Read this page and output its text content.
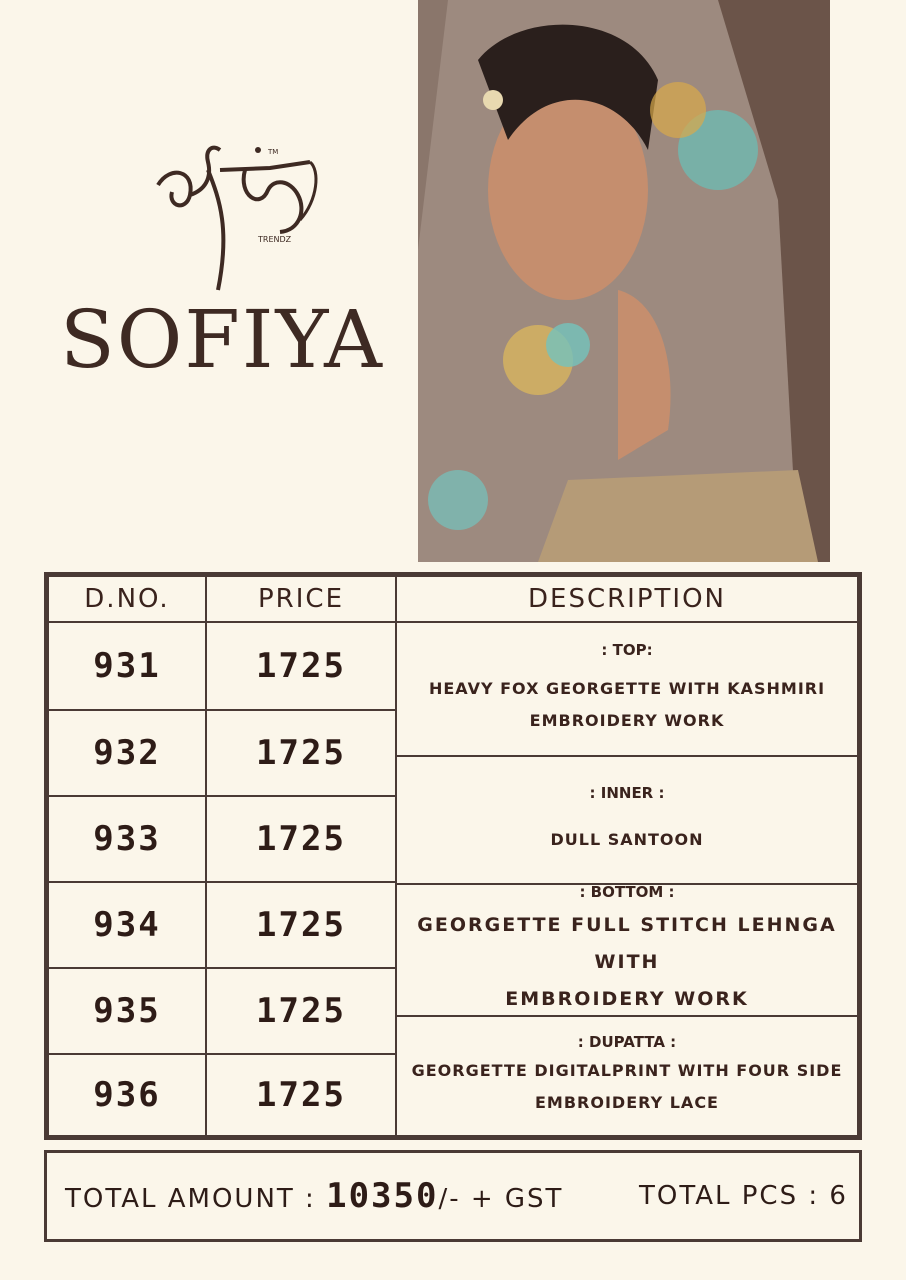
TM
TRENDZ
SOFIYA
D.NO.	PRICE	DESCRIPTION
931	1725
932	1725
933	1725
934	1725
935	1725
936	1725
: TOP:
HEAVY FOX GEORGETTE WITH KASHMIRI
EMBROIDERY WORK
: INNER :
DULL SANTOON
: BOTTOM :
GEORGETTE FULL STITCH LEHNGA WITH
EMBROIDERY WORK
: DUPATTA :
GEORGETTE DIGITALPRINT WITH FOUR SIDE
EMBROIDERY LACE
TOTAL AMOUNT : 10350/- + GST	TOTAL PCS : 6
